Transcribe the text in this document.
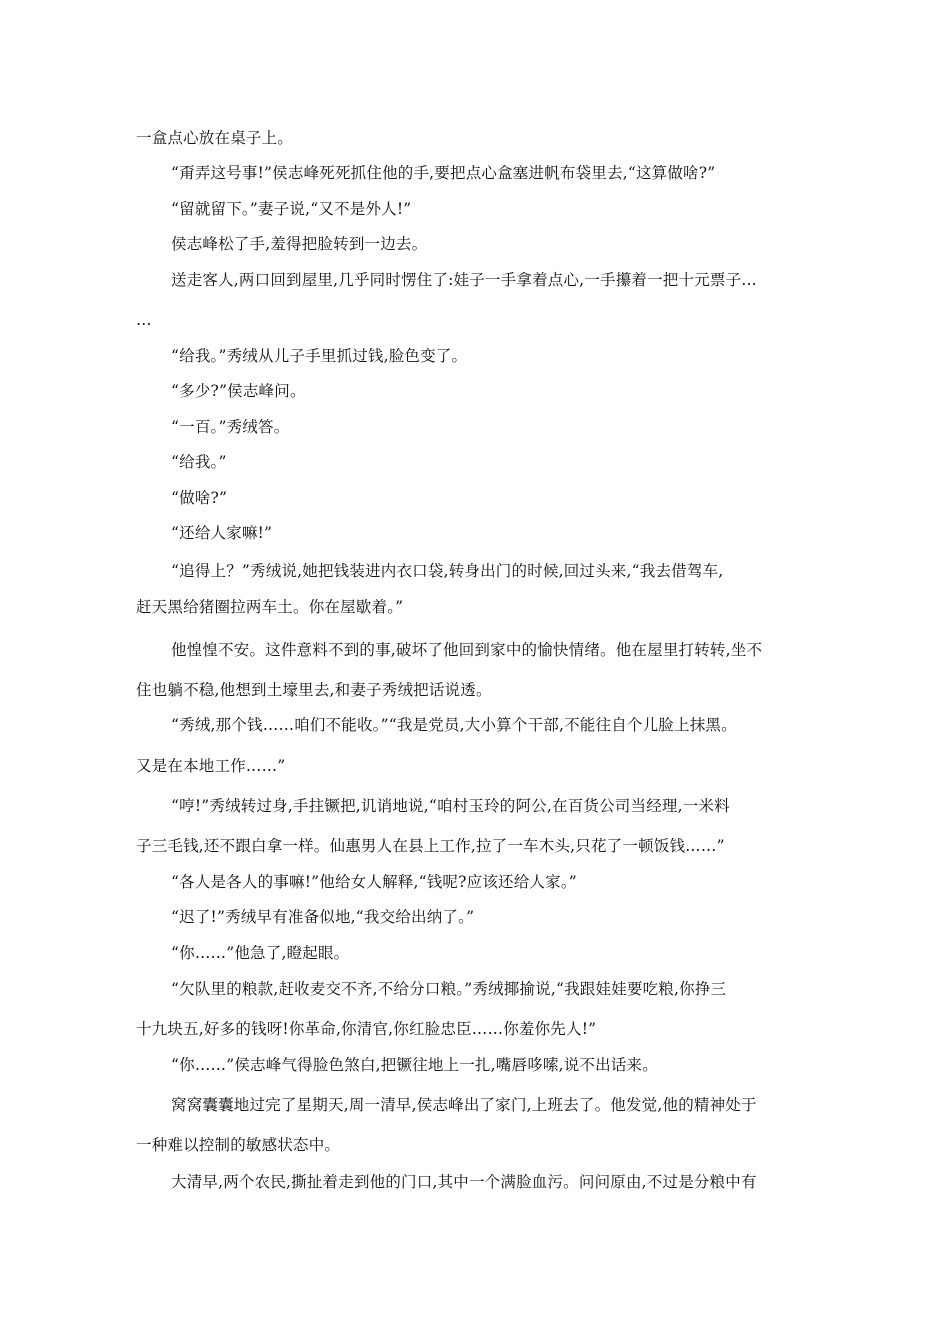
一盒点心放在桌子上。
“甭弄这号事!”侯志峰死死抓住他的手,要把点心盒塞进帆布袋里去,“这算做啥?”
“留就留下。”妻子说,“又不是外人!”
侯志峰松了手,羞得把脸转到一边去。
送走客人,两口回到屋里,几乎同时愣住了:娃子一手拿着点心,一手攥着一把十元票子…
…
“给我。”秀绒从儿子手里抓过钱,脸色变了。
“多少?”侯志峰问。
“一百。”秀绒答。
“给我。”
“做啥?”
“还给人家嘛!”
“追得上？”秀绒说,她把钱装进内衣口袋,转身出门的时候,回过头来,“我去借驾车,
赶天黑给猪圈拉两车土。你在屋歇着。”
他惶惶不安。这件意料不到的事,破坏了他回到家中的愉快情绪。他在屋里打转转,坐不
住也躺不稳,他想到土壕里去,和妻子秀绒把话说透。
“秀绒,那个钱……咱们不能收。”“我是党员,大小算个干部,不能往自个儿脸上抹黑。
又是在本地工作……”
“哼!”秀绒转过身,手拄镢把,讥诮地说,“咱村玉玲的阿公,在百货公司当经理,一米料
子三毛钱,还不跟白拿一样。仙惠男人在县上工作,拉了一车木头,只花了一顿饭钱……”
“各人是各人的事嘛!”他给女人解释,“钱呢?应该还给人家。”
“迟了!”秀绒早有准备似地,“我交给出纳了。”
“你……”他急了,瞪起眼。
“欠队里的粮款,赶收麦交不齐,不给分口粮。”秀绒揶揄说,“我跟娃娃要吃粮,你挣三
十九块五,好多的钱呀!你革命,你清官,你红脸忠臣……你羞你先人!”
“你……”侯志峰气得脸色煞白,把镢往地上一扎,嘴唇哆嗦,说不出话来。
窝窝囊囊地过完了星期天,周一清早,侯志峰出了家门,上班去了。他发觉,他的精神处于
一种难以控制的敏感状态中。
大清早,两个农民,撕扯着走到他的门口,其中一个满脸血污。问问原由,不过是分粮中有
